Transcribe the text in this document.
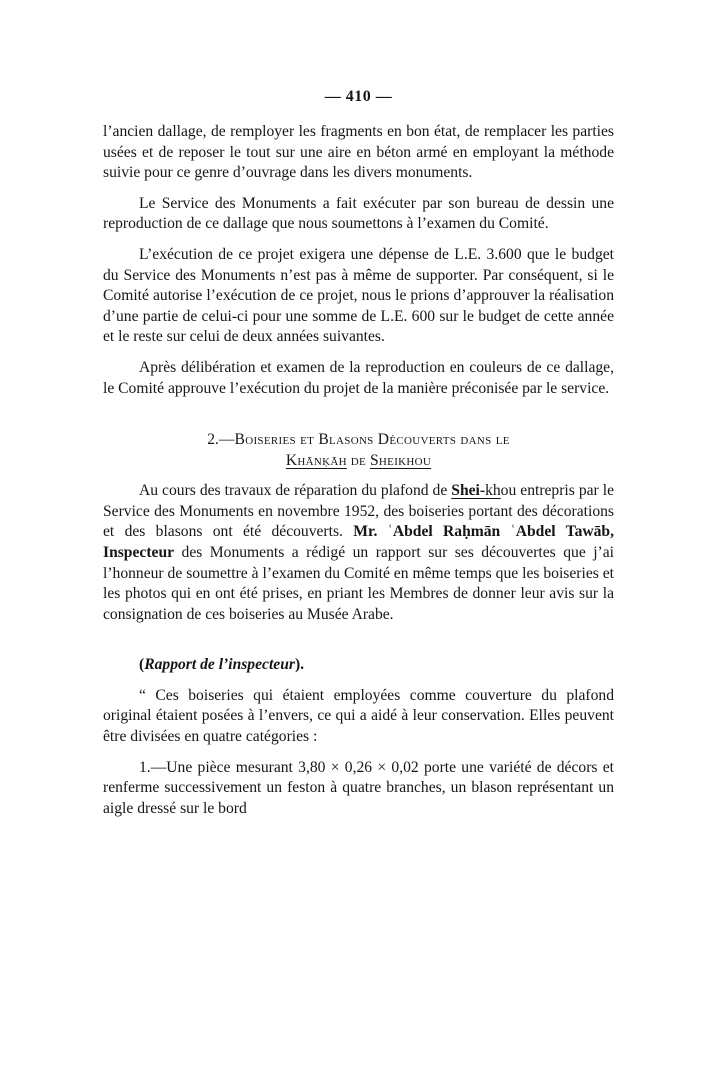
— 410 —

l’ancien dallage, de remployer les fragments en bon état, de remplacer les parties usées et de reposer le tout sur une aire en béton armé en employant la méthode suivie pour ce genre d’ouvrage dans les divers monuments.

Le Service des Monuments a fait exécuter par son bureau de dessin une reproduction de ce dallage que nous soumettons à l’examen du Comité.

L’exécution de ce projet exigera une dépense de L.E. 3.600 que le budget du Service des Monuments n’est pas à même de supporter. Par conséquent, si le Comité autorise l’exécution de ce projet, nous le prions d’approuver la réalisation d’une partie de celui-ci pour une somme de L.E. 600 sur le budget de cette année et le reste sur celui de deux années suivantes.

Après délibération et examen de la reproduction en couleurs de ce dallage, le Comité approuve l’exécution du projet de la manière préconisée par le service.

2.—Boiseries et Blasons Découverts dans le
Khānḳāh de Sheikhou

Au cours des travaux de réparation du plafond de Shei-khou entrepris par le Service des Monuments en novembre 1952, des boiseries portant des décorations et des blasons ont été découverts. Mr. ʿAbdel Raḥmān ʿAbdel Tawāb, Inspecteur des Monuments a rédigé un rapport sur ses découvertes que j’ai l’honneur de soumettre à l’examen du Comité en même temps que les boiseries et les photos qui en ont été prises, en priant les Membres de donner leur avis sur la consignation de ces boiseries au Musée Arabe.

(Rapport de l’inspecteur).

“ Ces boiseries qui étaient employées comme couverture du plafond original étaient posées à l’envers, ce qui a aidé à leur conservation. Elles peuvent être divisées en quatre catégories :

1.—Une pièce mesurant 3,80 × 0,26 × 0,02 porte une variété de décors et renferme successivement un feston à quatre branches, un blason représentant un aigle dressé sur le bord
